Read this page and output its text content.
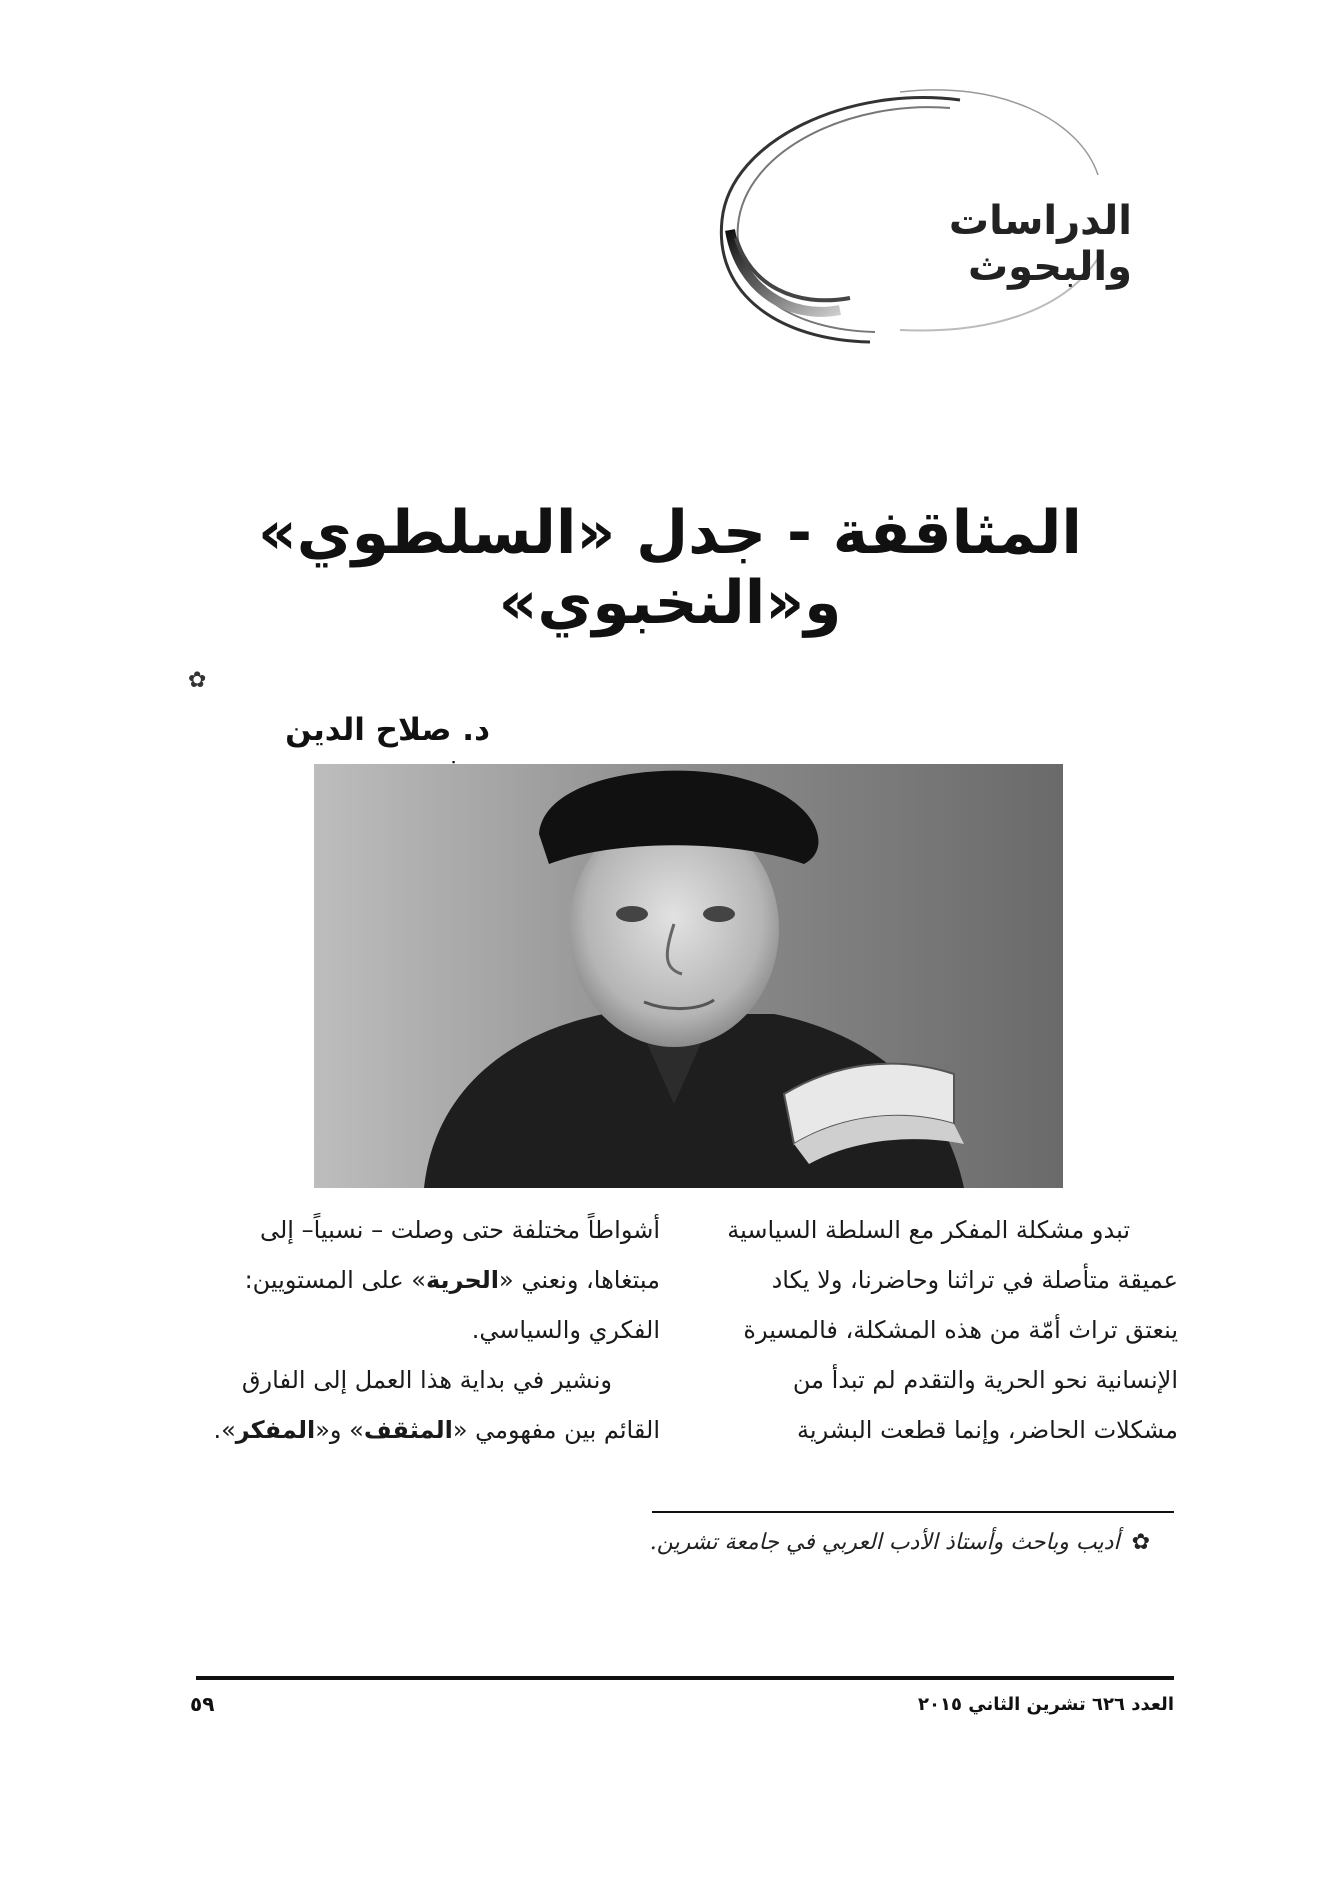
الدراسات والبحوث
المثاقفة - جدل «السلطوي» و«النخبوي»
✿
د. صلاح الدين

تبدو مشكلة المفكر مع السلطة السياسية

عميقة متأصلة في تراثنا وحاضرنا، ولا يكاد

ينعتق تراث أمّة من هذه المشكلة، فالمسيرة

الإنسانية نحو الحرية والتقدم لم تبدأ من

مشكلات الحاضر، وإنما قطعت البشرية

أشواطاً مختلفة حتى وصلت – نسبياً– إلى

مبتغاها، ونعني «الحرية» على المستويين:

الفكري والسياسي.

ونشير في بداية هذا العمل إلى الفارق

القائم بين مفهومي «المثقف» و«المفكر».

✿أديب وباحث وأستاذ الأدب العربي في جامعة تشرين.
العدد ٦٢٦ تشرين الثاني ٢٠١٥
٥٩
